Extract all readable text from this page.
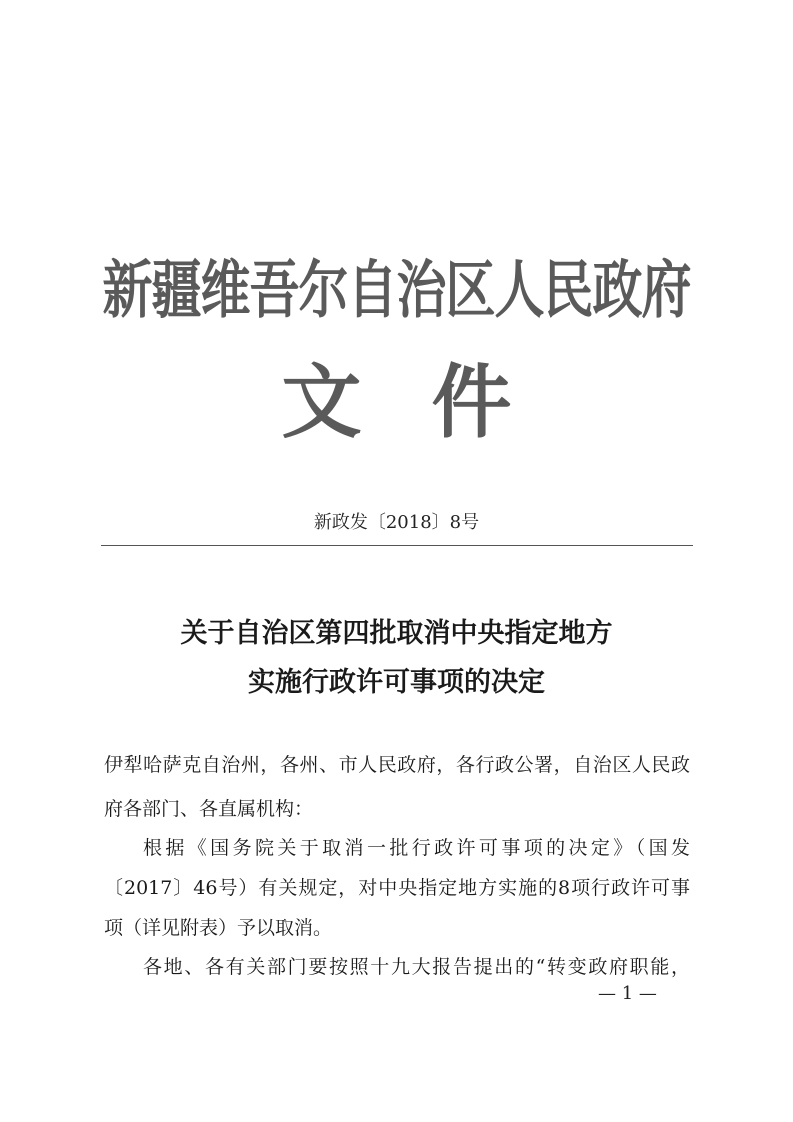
新疆维吾尔自治区人民政府
文件
新政发〔2018〕8号
关于自治区第四批取消中央指定地方
实施行政许可事项的决定
伊犁哈萨克自治州，各州、市人民政府，各行政公署，自治区人民政
府各部门、各直属机构：
根据《国务院关于取消一批行政许可事项的决定》（国发
〔2017〕46号）有关规定，对中央指定地方实施的8项行政许可事
项（详见附表）予以取消。
各地、各有关部门要按照十九大报告提出的“转变政府职能，
— 1 —
